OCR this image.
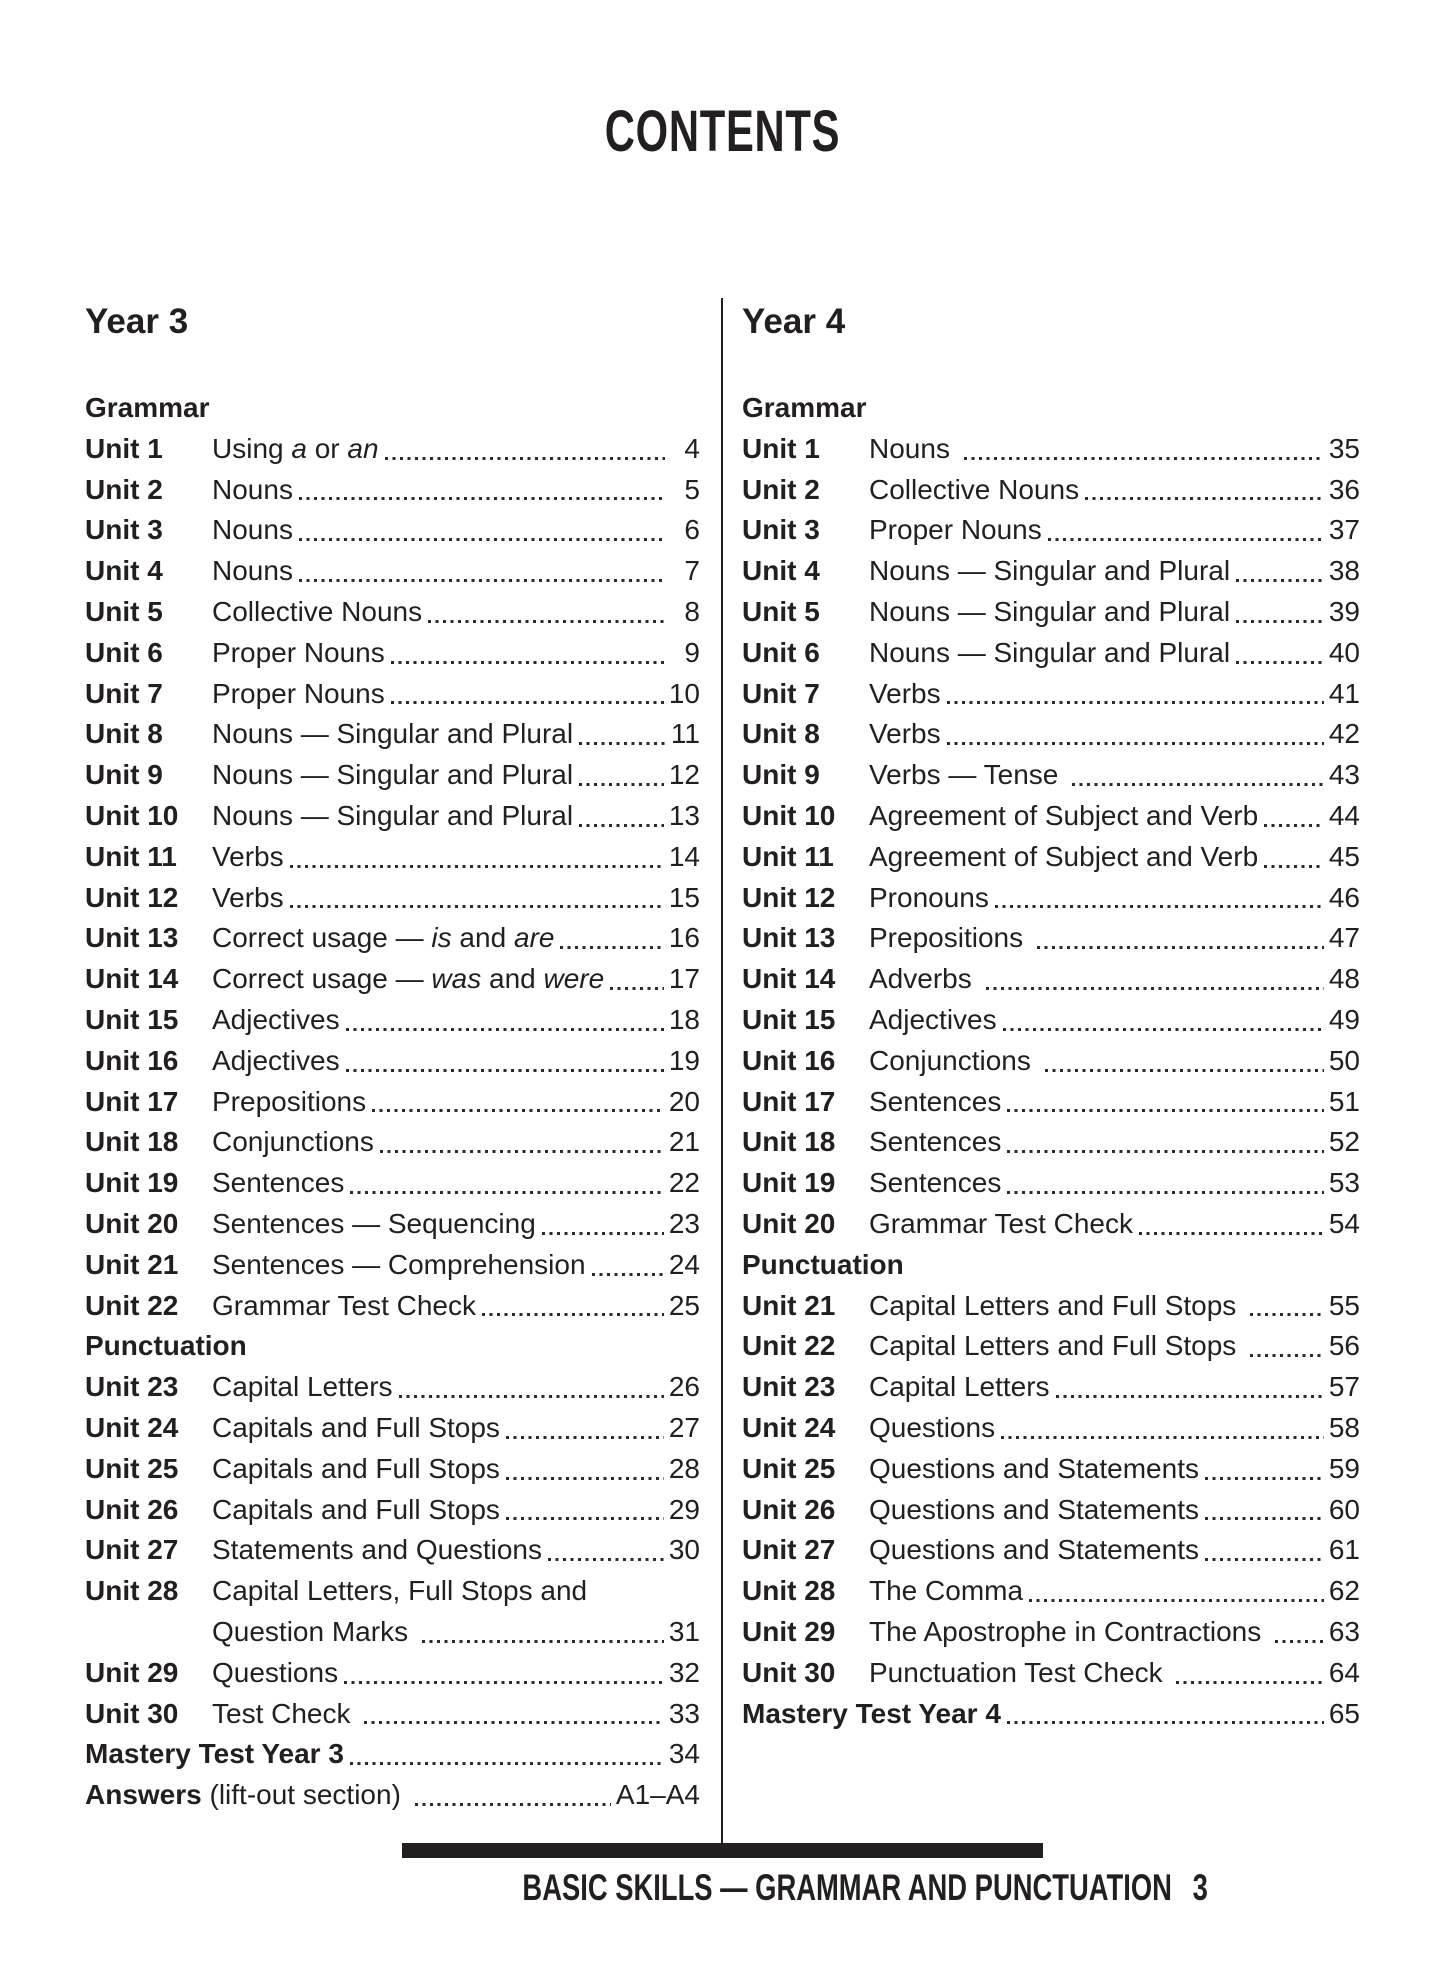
CONTENTS
Year 3
Grammar
Unit 1	Using a or an	4
Unit 2	Nouns	5
Unit 3	Nouns	6
Unit 4	Nouns	7
Unit 5	Collective Nouns	8
Unit 6	Proper Nouns	9
Unit 7	Proper Nouns	10
Unit 8	Nouns — Singular and Plural	11
Unit 9	Nouns — Singular and Plural	12
Unit 10	Nouns — Singular and Plural	13
Unit 11	Verbs	14
Unit 12	Verbs	15
Unit 13	Correct usage — is and are	16
Unit 14	Correct usage — was and were 17
Unit 15	Adjectives	18
Unit 16	Adjectives	19
Unit 17	Prepositions	20
Unit 18	Conjunctions	21
Unit 19	Sentences	22
Unit 20	Sentences — Sequencing	23
Unit 21	Sentences — Comprehension	24
Unit 22	Grammar Test Check	25
Punctuation
Unit 23	Capital Letters	26
Unit 24	Capitals and Full Stops	27
Unit 25	Capitals and Full Stops	28
Unit 26	Capitals and Full Stops	29
Unit 27	Statements and Questions	30
Unit 28	Capital Letters, Full Stops and
Question Marks	31
Unit 29	Questions	32
Unit 30	Test Check	33
Mastery Test Year 3	34
Answers (lift-out section)	A1–A4
Year 4
Grammar
Unit 1	Nouns	35
Unit 2	Collective Nouns	36
Unit 3	Proper Nouns	37
Unit 4	Nouns — Singular and Plural	38
Unit 5	Nouns — Singular and Plural	39
Unit 6	Nouns — Singular and Plural	40
Unit 7	Verbs	41
Unit 8	Verbs	42
Unit 9	Verbs — Tense	43
Unit 10	Agreement of Subject and Verb	44
Unit 11	Agreement of Subject and Verb	45
Unit 12	Pronouns	46
Unit 13	Prepositions	47
Unit 14	Adverbs	48
Unit 15	Adjectives	49
Unit 16	Conjunctions	50
Unit 17	Sentences	51
Unit 18	Sentences	52
Unit 19	Sentences	53
Unit 20	Grammar Test Check	54
Punctuation
Unit 21	Capital Letters and Full Stops	55
Unit 22	Capital Letters and Full Stops	56
Unit 23	Capital Letters	57
Unit 24	Questions	58
Unit 25	Questions and Statements	59
Unit 26	Questions and Statements	60
Unit 27	Questions and Statements	61
Unit 28	The Comma	62
Unit 29	The Apostrophe in Contractions 63
Unit 30	Punctuation Test Check	64
Mastery Test Year 4	65
BASIC SKILLS — GRAMMAR AND PUNCTUATION 3
